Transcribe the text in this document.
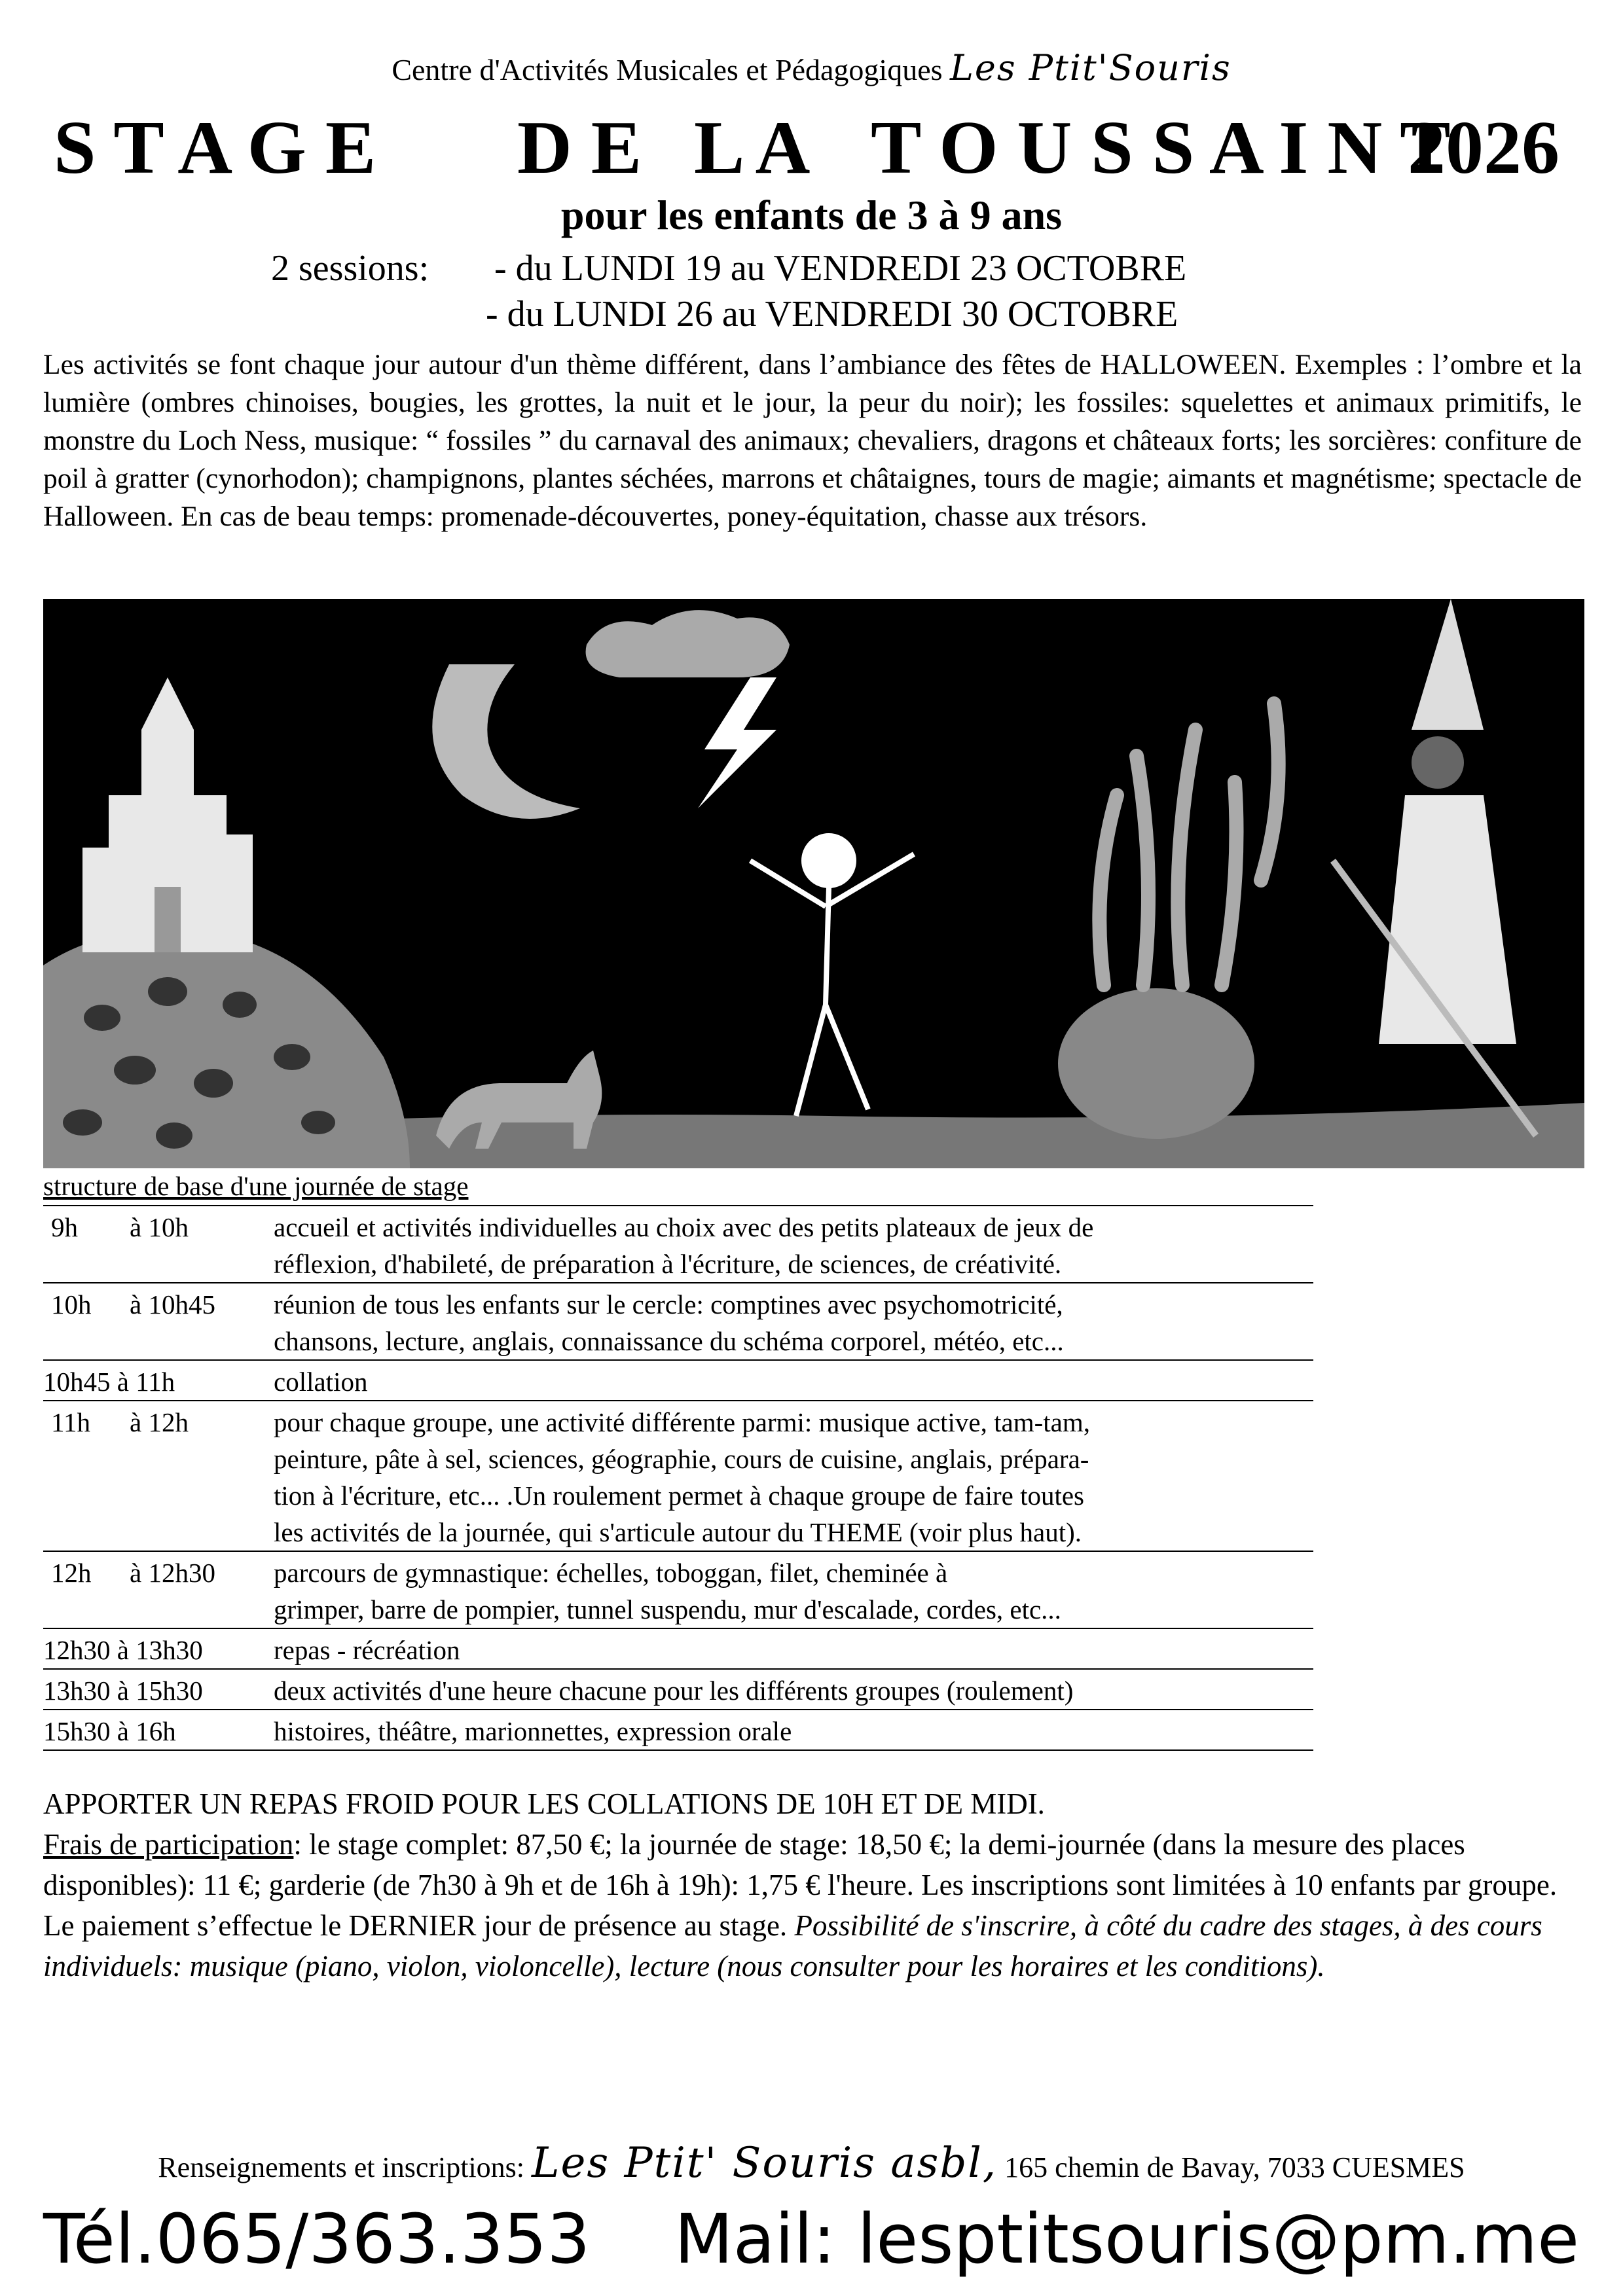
Centre d'Activités Musicales et Pédagogiques Les Ptit'Souris
S T A G E D E L A T O U S S A I N T
2026
pour les enfants de 3 à 9 ans
2 sessions: - du LUNDI 19 au VENDREDI 23 OCTOBRE
- du LUNDI 26 au VENDREDI 30 OCTOBRE
Les activités se font chaque jour autour d'un thème différent, dans l’ambiance des fêtes de HALLOWEEN. Exemples : l’ombre et la lumière (ombres chinoises, bougies, les grottes, la nuit et le jour, la peur du noir); les fossiles: squelettes et animaux primitifs, le monstre du Loch Ness, musique: “ fossiles ” du carnaval des animaux; chevaliers, dragons et châteaux forts; les sorcières: confiture de poil à gratter (cynorhodon); champignons, plantes séchées, marrons et châtaignes, tours de magie; aimants et magnétisme; spectacle de Halloween. En cas de beau temps: promenade-découvertes, poney-équitation, chasse aux trésors.
structure de base d'une journée de stage
9h	à 10h	accueil et activités individuelles au choix avec des petits plateaux de jeux de
réflexion, d'habileté, de préparation à l'écriture, de sciences, de créativité.
10h	à 10h45	réunion de tous les enfants sur le cercle: comptines avec psychomotricité,
chansons, lecture, anglais, connaissance du schéma corporel, météo, etc...
10h45 à 11h	collation
11h	à 12h	pour chaque groupe, une activité différente parmi: musique active, tam-tam,
peinture, pâte à sel, sciences, géographie, cours de cuisine, anglais, prépara-
tion à l'écriture, etc... .Un roulement permet à chaque groupe de faire toutes
les activités de la journée, qui s'articule autour du THEME (voir plus haut).
12h	à 12h30	parcours de gymnastique: échelles, toboggan, filet, cheminée à
grimper, barre de pompier, tunnel suspendu, mur d'escalade, cordes, etc...
12h30 à 13h30	repas - récréation
13h30 à 15h30	deux activités d'une heure chacune pour les différents groupes (roulement)
15h30 à 16h	histoires, théâtre, marionnettes, expression orale

APPORTER UN REPAS FROID POUR LES COLLATIONS DE 10H ET DE MIDI.

Frais de participation: le stage complet: 87,50 €; la journée de stage: 18,50 €; la demi-journée (dans la mesure des places disponibles): 11 €; garderie (de 7h30 à 9h et de 16h à 19h): 1,75 € l'heure. Les inscriptions sont limitées à 10 enfants par groupe. Le paiement s’effectue le DERNIER jour de présence au stage. Possibilité de s'inscrire, à côté du cadre des stages, à des cours individuels: musique (piano, violon, violoncelle), lecture (nous consulter pour les horaires et les conditions).

Renseignements et inscriptions: Les Ptit' Souris asbl, 165 chemin de Bavay, 7033 CUESMES
Tél.065/363.353 Mail: lesptitsouris@pm.me
